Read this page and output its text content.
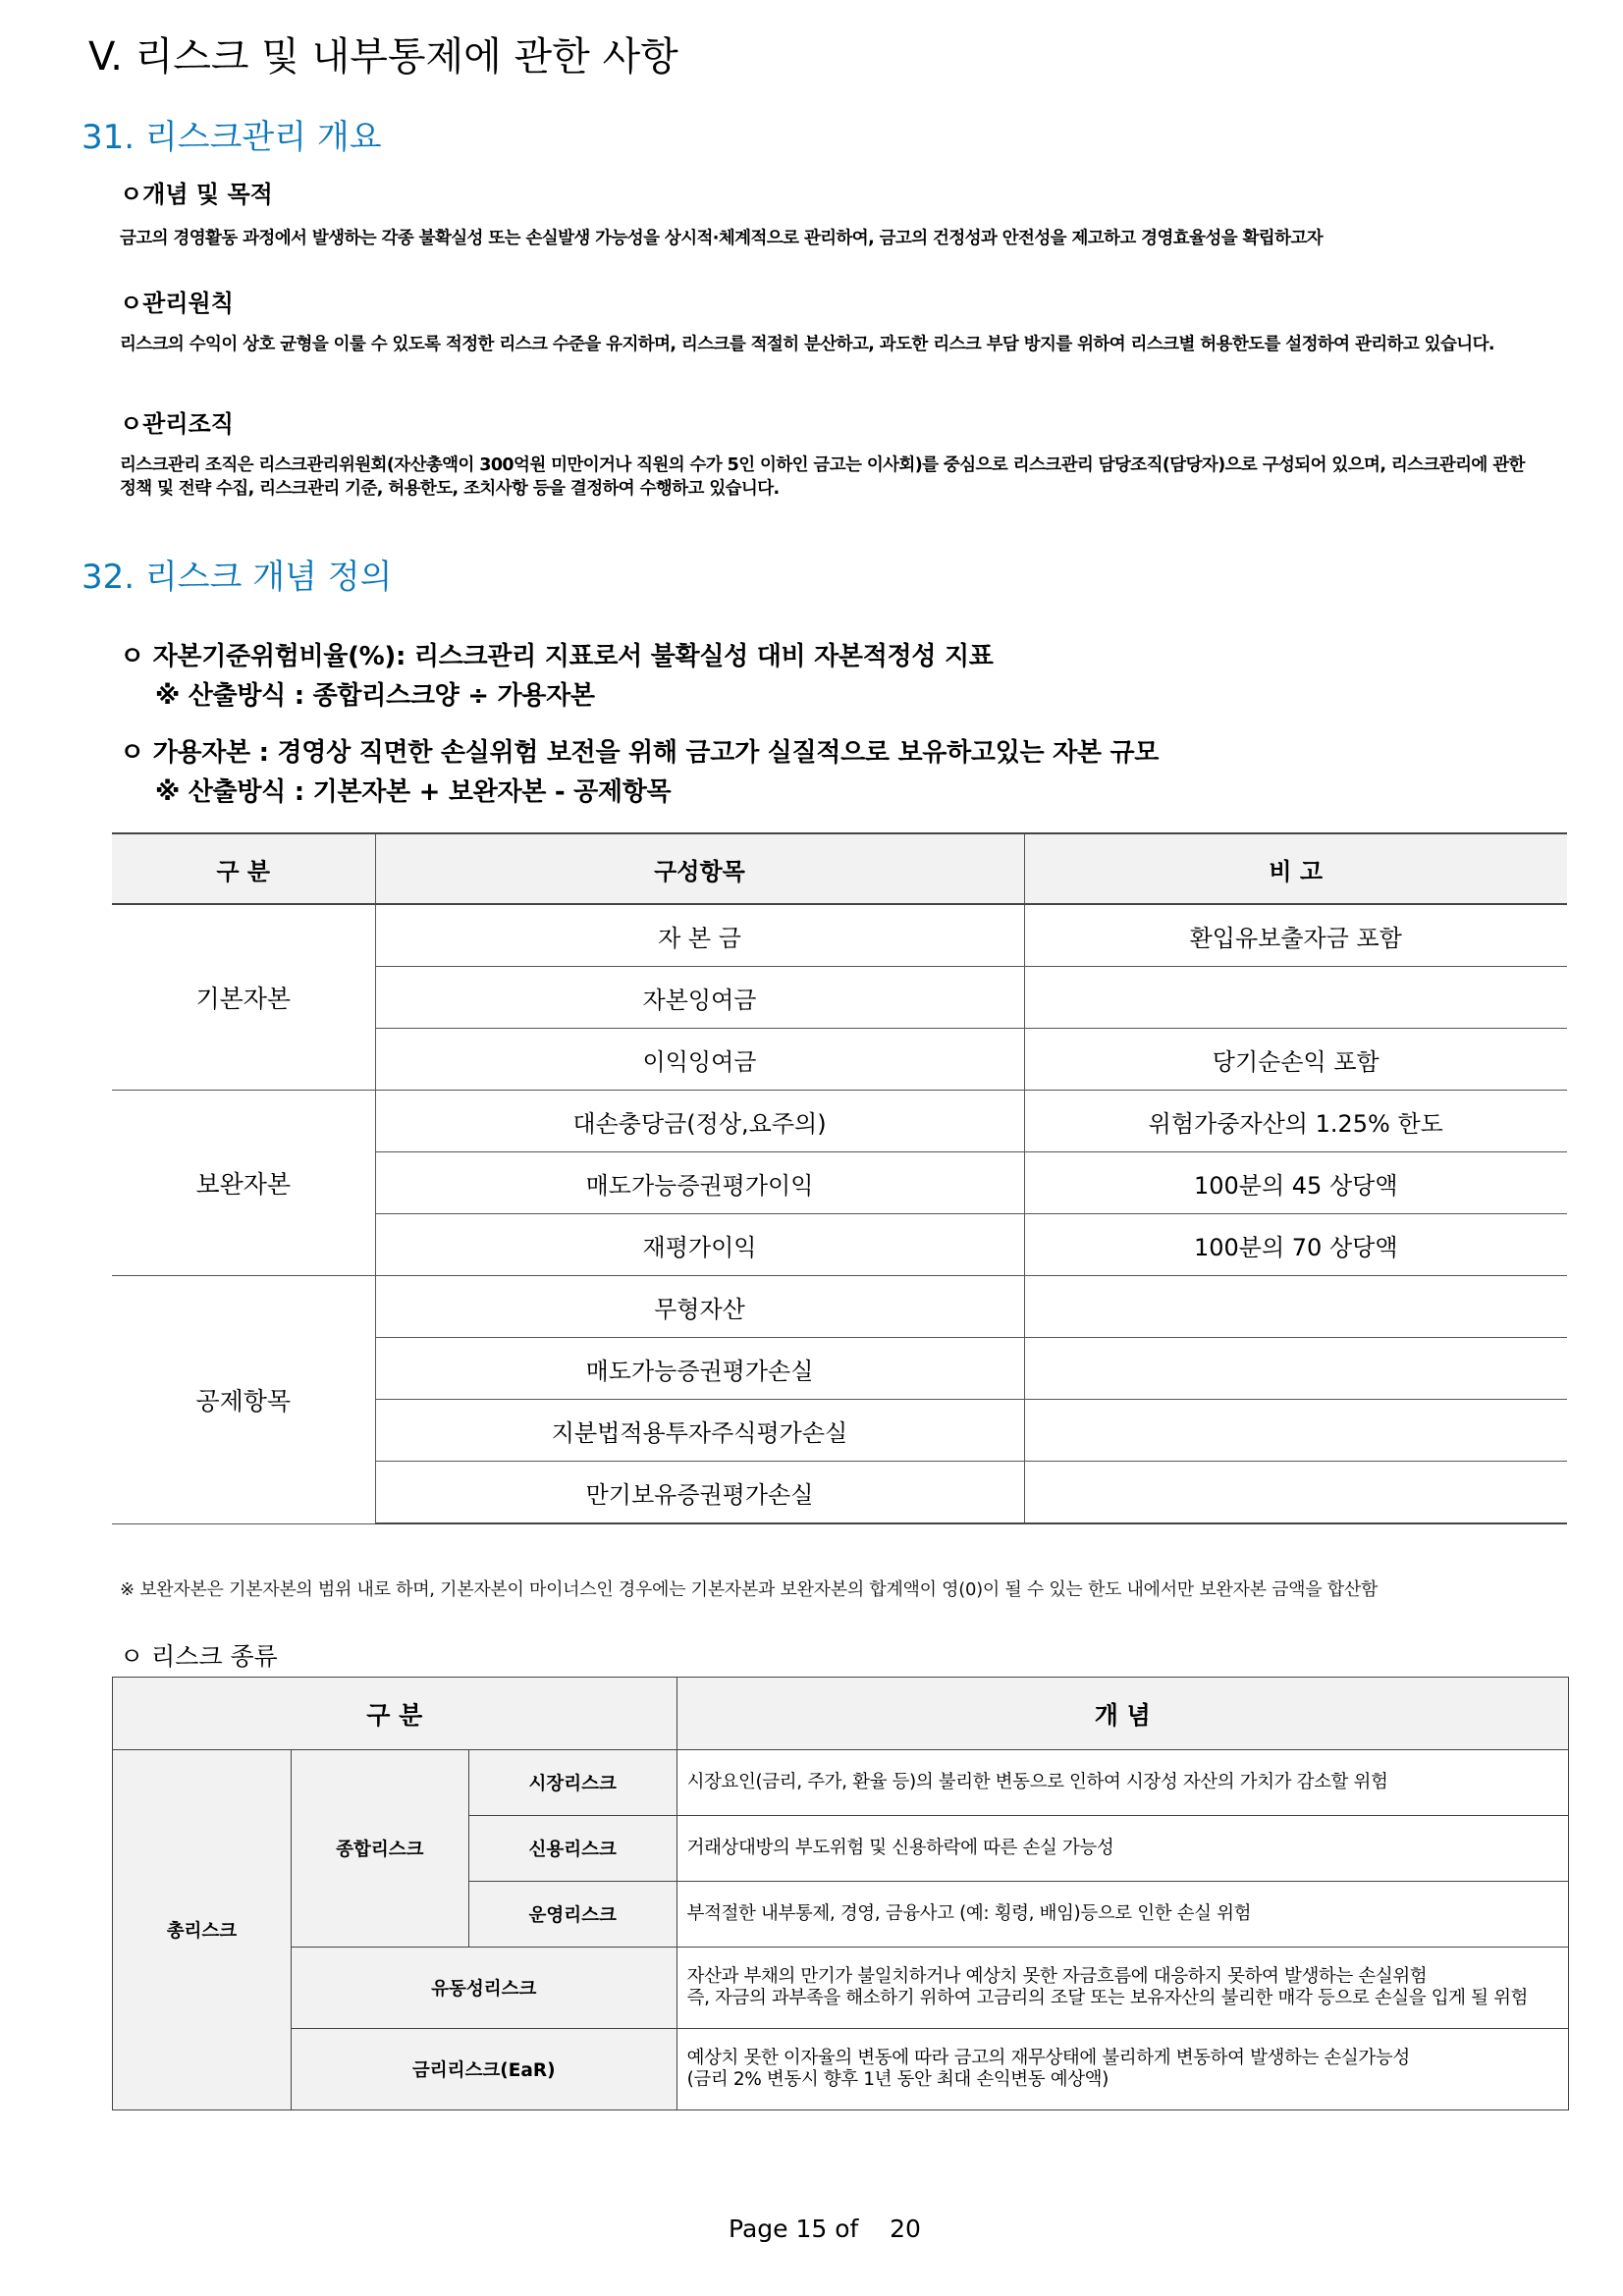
V. 리스크 및 내부통제에 관한 사항
31. 리스크관리 개요
ㅇ개념 및 목적
금고의 경영활동 과정에서 발생하는 각종 불확실성 또는 손실발생 가능성을 상시적·체계적으로 관리하여, 금고의 건정성과 안전성을 제고하고 경영효율성을 확립하고자
ㅇ관리원칙
리스크의 수익이 상호 균형을 이룰 수 있도록 적정한 리스크 수준을 유지하며, 리스크를 적절히 분산하고, 과도한 리스크 부담 방지를 위하여 리스크별 허용한도를 설정하여 관리하고 있습니다.
ㅇ관리조직
리스크관리 조직은 리스크관리위원회(자산총액이 300억원 미만이거나 직원의 수가 5인 이하인 금고는 이사회)를 중심으로 리스크관리 담당조직(담당자)으로 구성되어 있으며, 리스크관리에 관한 정책 및 전략 수집, 리스크관리 기준, 허용한도, 조치사항 등을 결정하여 수행하고 있습니다.
32. 리스크 개념 정의
ㅇ 자본기준위험비율(%): 리스크관리 지표로서 불확실성 대비 자본적정성 지표
※ 산출방식 : 종합리스크양 ÷ 가용자본
ㅇ 가용자본 : 경영상 직면한 손실위험 보전을 위해 금고가 실질적으로 보유하고있는 자본 규모
※ 산출방식 : 기본자본 + 보완자본 - 공제항목
구 분	구성항목	비 고
기본자본	자 본 금	환입유보출자금 포함
	자본잉여금	
	이익잉여금	당기순손익 포함
보완자본	대손충당금(정상,요주의)	위험가중자산의 1.25% 한도
	매도가능증권평가이익	100분의 45 상당액
	재평가이익	100분의 70 상당액
공제항목	무형자산	
	매도가능증권평가손실	
	지분법적용투자주식평가손실	
	만기보유증권평가손실	
※ 보완자본은 기본자본의 범위 내로 하며, 기본자본이 마이너스인 경우에는 기본자본과 보완자본의 합계액이 영(0)이 될 수 있는 한도 내에서만 보완자본 금액을 합산함
ㅇ 리스크 종류
구 분			개 념
총리스크	종합리스크	시장리스크	시장요인(금리, 주가, 환율 등)의 불리한 변동으로 인하여 시장성 자산의 가치가 감소할 위험
		신용리스크	거래상대방의 부도위험 및 신용하락에 따른 손실 가능성
		운영리스크	부적절한 내부통제, 경영, 금융사고 (예: 횡령, 배임)등으로 인한 손실 위험
	유동성리스크		자산과 부채의 만기가 불일치하거나 예상치 못한 자금흐름에 대응하지 못하여 발생하는 손실위험
즉, 자금의 과부족을 해소하기 위하여 고금리의 조달 또는 보유자산의 불리한 매각 등으로 손실을 입게 될 위험

	금리리스크(EaR)		예상치 못한 이자율의 변동에 따라 금고의 재무상태에 불리하게 변동하여 발생하는 손실가능성
(금리 2% 변동시 향후 1년 동안 최대 손익변동 예상액)
Page 15 of    20
